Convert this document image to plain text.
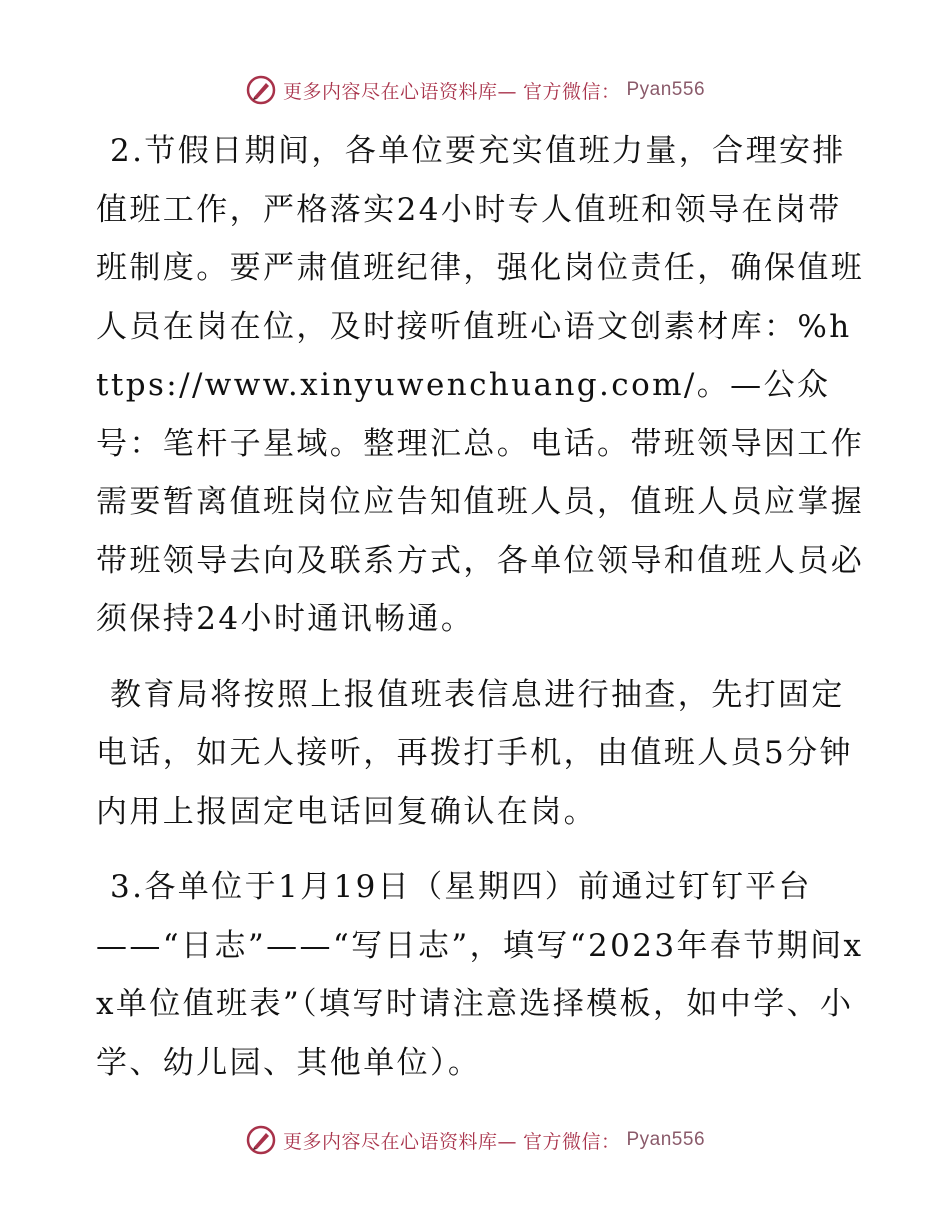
更多内容尽在心语资料库— 官方微信： Pyan556

2.节假日期间，各单位要充实值班力量，合理安排值班工作，严格落实24小时专人值班和领导在岗带班制度。要严肃值班纪律，强化岗位责任，确保值班人员在岗在位，及时接听值班心语文创素材库：%https://www.xinyuwenchuang.com/。—公众号：笔杆子星域。整理汇总。电话。带班领导因工作需要暂离值班岗位应告知值班人员，值班人员应掌握带班领导去向及联系方式，各单位领导和值班人员必须保持24小时通讯畅通。

教育局将按照上报值班表信息进行抽查，先打固定电话，如无人接听，再拨打手机，由值班人员5分钟内用上报固定电话回复确认在岗。

3.各单位于1月19日（星期四）前通过钉钉平台——“日志”——“写日志”，填写“2023年春节期间xx单位值班表”（填写时请注意选择模板，如中学、小学、幼儿园、其他单位）。

更多内容尽在心语资料库— 官方微信： Pyan556
